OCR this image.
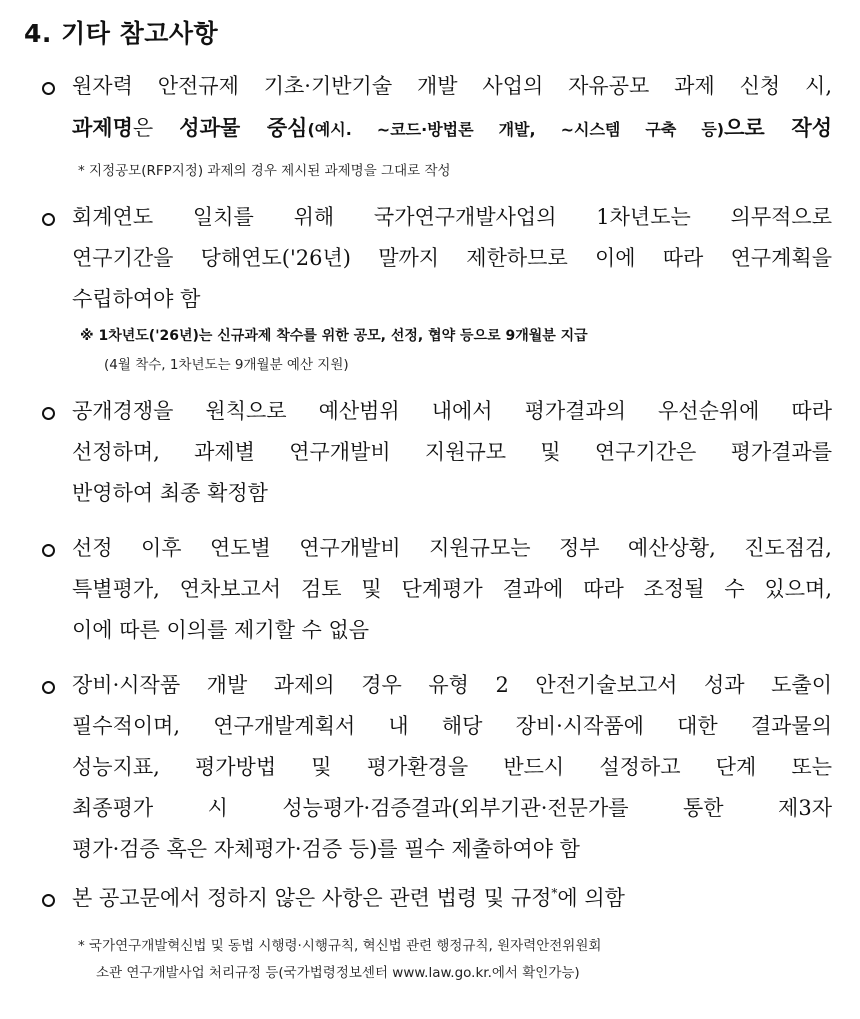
4. 기타 참고사항
원자력 안전규제 기초·기반기술 개발 사업의 자유공모 과제 신청 시,
과제명은 성과물 중심(예시. ~코드·방법론 개발, ~시스템 구축 등)으로 작성
* 지정공모(RFP지정) 과제의 경우 제시된 과제명을 그대로 작성
회계연도 일치를 위해 국가연구개발사업의 1차년도는 의무적으로
연구기간을 당해연도('26년) 말까지 제한하므로 이에 따라 연구계획을
수립하여야 함
※ 1차년도('26년)는 신규과제 착수를 위한 공모, 선정, 협약 등으로 9개월분 지급
(4월 착수, 1차년도는 9개월분 예산 지원)
공개경쟁을 원칙으로 예산범위 내에서 평가결과의 우선순위에 따라
선정하며, 과제별 연구개발비 지원규모 및 연구기간은 평가결과를
반영하여 최종 확정함
선정 이후 연도별 연구개발비 지원규모는 정부 예산상황, 진도점검,
특별평가, 연차보고서 검토 및 단계평가 결과에 따라 조정될 수 있으며,
이에 따른 이의를 제기할 수 없음
장비·시작품 개발 과제의 경우 유형 2 안전기술보고서 성과 도출이
필수적이며, 연구개발계획서 내 해당 장비·시작품에 대한 결과물의
성능지표, 평가방법 및 평가환경을 반드시 설정하고 단계 또는
최종평가 시 성능평가·검증결과(외부기관·전문가를 통한 제3자
평가·검증 혹은 자체평가·검증 등)를 필수 제출하여야 함
본 공고문에서 정하지 않은 사항은 관련 법령 및 규정*에 의함
* 국가연구개발혁신법 및 동법 시행령·시행규칙, 혁신법 관련 행정규칙, 원자력안전위원회
소관 연구개발사업 처리규정 등(국가법령정보센터 www.law.go.kr.에서 확인가능)
